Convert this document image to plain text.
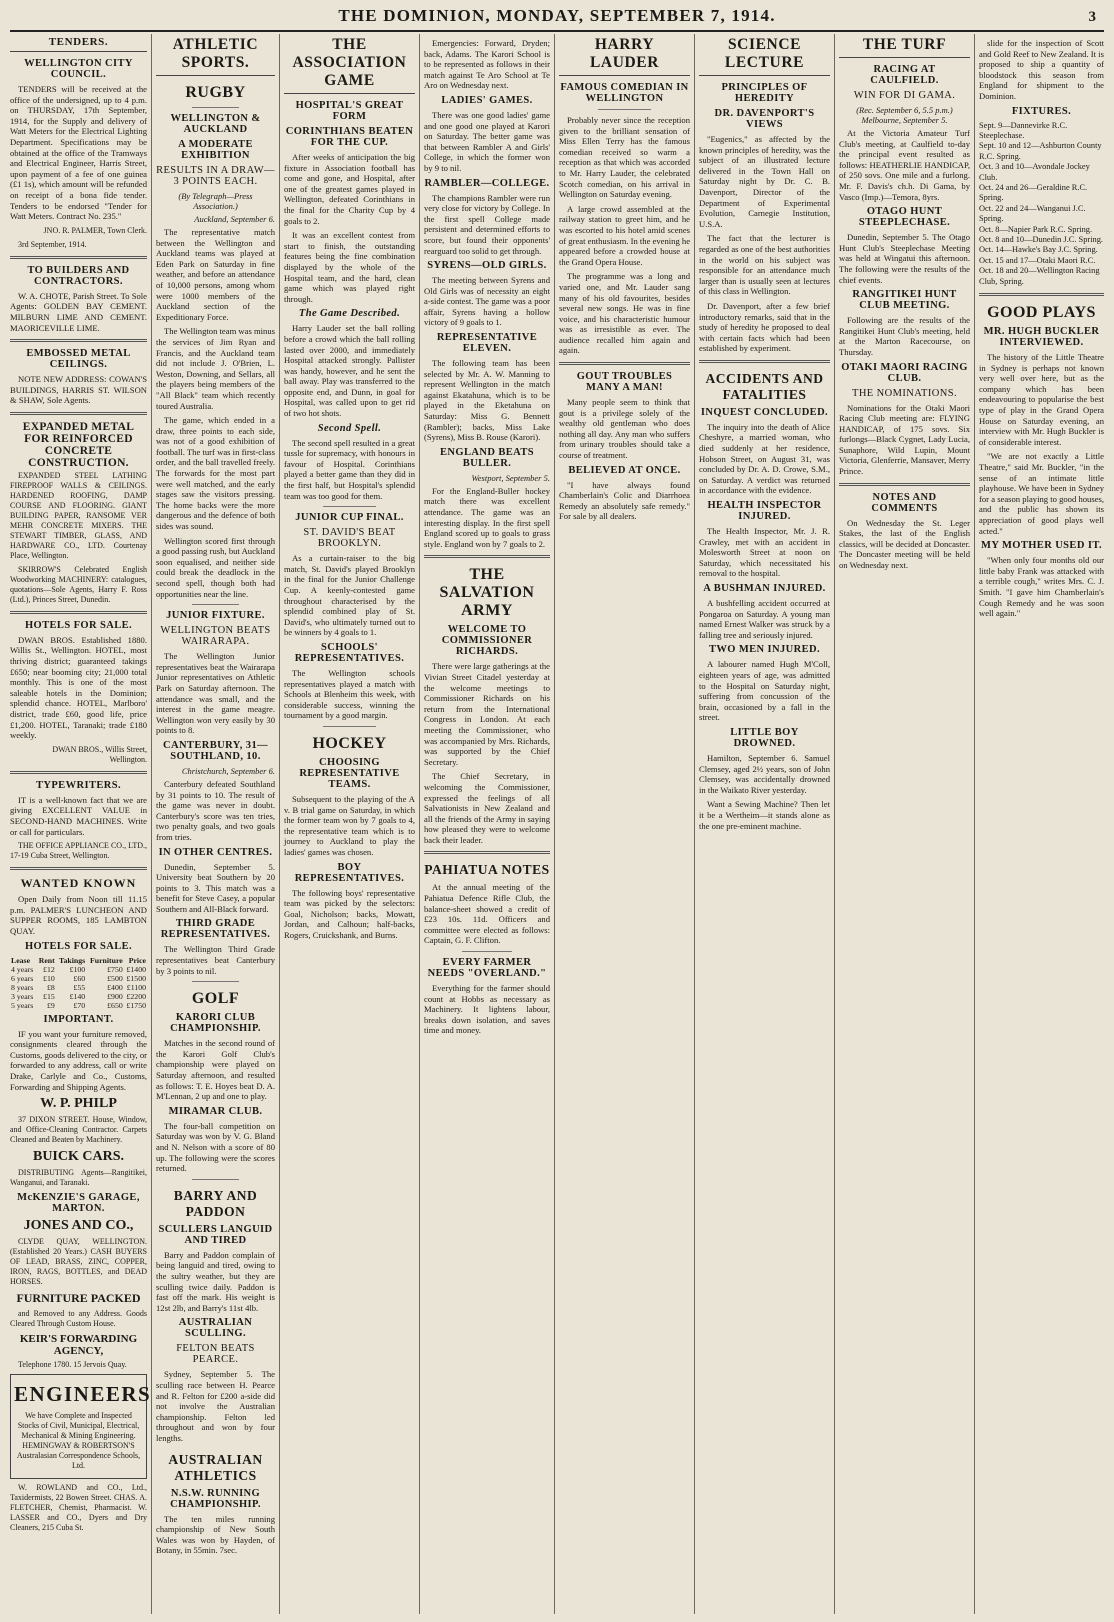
THE DOMINION, MONDAY, SEPTEMBER 7, 1914.	3
TENDERS.
WELLINGTON CITY COUNCIL.

TENDERS will be received at the office of the undersigned, up to 4 p.m. on THURSDAY, 17th September, 1914, for the Supply and delivery of Watt Meters for the Electrical Lighting Department. Specifications may be obtained at the office of the Tramways and Electrical Engineer, Harris Street, upon payment of a fee of one guinea (£1 1s), which amount will be refunded on receipt of a bona fide tender. Tenders to be endorsed "Tender for Watt Meters. Contract No. 235."

JNO. R. PALMER, Town Clerk.

3rd September, 1914.

TO BUILDERS AND CONTRACTORS.

W. A. CHOTE, Parish Street. To Sole Agents: GOLDEN BAY CEMENT. MILBURN LIME AND CEMENT. MAORICEVILLE LIME.

EMBOSSED METAL CEILINGS.

NOTE NEW ADDRESS: COWAN'S BUILDINGS, HARRIS ST. WILSON & SHAW, Sole Agents.

EXPANDED METAL FOR REINFORCED CONCRETE CONSTRUCTION.

EXPANDED STEEL LATHING FIREPROOF WALLS & CEILINGS. HARDENED ROOFING, DAMP COURSE AND FLOORING. GIANT BUILDING PAPER, RANSOME VER MEHR CONCRETE MIXERS. THE STEWART TIMBER, GLASS, AND HARDWARE CO., LTD. Courtenay Place, Wellington.

SKIRROW'S Celebrated English Woodworking MACHINERY: catalogues, quotations—Sole Agents, Harry F. Ross (Ltd.), Princes Street, Dunedin.

HOTELS FOR SALE.

DWAN BROS. Established 1880. Willis St., Wellington. HOTEL, most thriving district; guaranteed takings £650; near booming city; 21,000 total monthly. This is one of the most saleable hotels in the Dominion; splendid chance. HOTEL, Marlboro' district, trade £60, good life, price £1,200. HOTEL, Taranaki; trade £180 weekly.

DWAN BROS., Willis Street, Wellington.

TYPEWRITERS.

IT is a well-known fact that we are giving EXCELLENT VALUE in SECOND-HAND MACHINES. Write or call for particulars.

THE OFFICE APPLIANCE CO., LTD., 17-19 Cuba Street, Wellington.

WANTED KNOWN

Open Daily from Noon till 11.15 p.m. PALMER'S LUNCHEON AND SUPPER ROOMS, 185 LAMBTON QUAY.

HOTELS FOR SALE.
Lease	Rent	Takings	Furniture	Price
4 years	£12	£100	£750	£1400
6 years	£10	£60	£500	£1500
8 years	£8	£55	£400	£1100
3 years	£15	£140	£900	£2200
5 years	£9	£70	£650	£1750
IMPORTANT.

IF you want your furniture removed, consignments cleared through the Customs, goods delivered to the city, or forwarded to any address, call or write Drake, Carlyle and Co., Customs, Forwarding and Shipping Agents.

W. P. PHILP

37 DIXON STREET. House, Window, and Office-Cleaning Contractor. Carpets Cleaned and Beaten by Machinery.

BUICK CARS.

DISTRIBUTING Agents—Rangitikei, Wanganui, and Taranaki.

McKENZIE'S GARAGE, MARTON.
JONES AND CO.,

CLYDE QUAY, WELLINGTON. (Established 20 Years.) CASH BUYERS OF LEAD, BRASS, ZINC, COPPER, IRON, RAGS, BOTTLES, and DEAD HORSES.

FURNITURE PACKED

and Removed to any Address. Goods Cleared Through Custom House.

KEIR'S FORWARDING AGENCY,

Telephone 1780. 15 Jervois Quay.

ENGINEERS

We have Complete and Inspected Stocks of Civil, Municipal, Electrical, Mechanical & Mining Engineering. HEMINGWAY & ROBERTSON'S Australasian Correspondence Schools, Ltd.

W. ROWLAND and CO., Ltd., Taxidermists, 22 Bowen Street. CHAS. A. FLETCHER, Chemist, Pharmacist. W. LASSER and CO., Dyers and Dry Cleaners, 215 Cuba St.

ATHLETIC SPORTS.
RUGBY
WELLINGTON & AUCKLAND
A MODERATE EXHIBITION
RESULTS IN A DRAW—3 POINTS EACH.
(By Telegraph—Press Association.)
Auckland, September 6.

The representative match between the Wellington and Auckland teams was played at Eden Park on Saturday in fine weather, and before an attendance of 10,000 persons, among whom were 1000 members of the Auckland section of the Expeditionary Force.

The Wellington team was minus the services of Jim Ryan and Francis, and the Auckland team did not include J. O'Brien, L. Weston, Downing, and Sellars, all the players being members of the "All Black" team which recently toured Australia.

The game, which ended in a draw, three points to each side, was not of a good exhibition of football. The turf was in first-class order, and the ball travelled freely. The forwards for the most part were well matched, and the early stages saw the visitors pressing. The home backs were the more dangerous and the defence of both sides was sound.

Wellington scored first through a good passing rush, but Auckland soon equalised, and neither side could break the deadlock in the second spell, though both had opportunities near the line.

JUNIOR FIXTURE.
WELLINGTON BEATS WAIRARAPA.

The Wellington Junior representatives beat the Wairarapa Junior representatives on Athletic Park on Saturday afternoon. The attendance was small, and the interest in the game meagre. Wellington won very easily by 30 points to 8.

CANTERBURY, 31—SOUTHLAND, 10.
Christchurch, September 6.

Canterbury defeated Southland by 31 points to 10. The result of the game was never in doubt. Canterbury's score was ten tries, two penalty goals, and two goals from tries.

IN OTHER CENTRES.

Dunedin, September 5. University beat Southern by 20 points to 3. This match was a benefit for Steve Casey, a popular Southern and All-Black forward.

THIRD GRADE REPRESENTATIVES.

The Wellington Third Grade representatives beat Canterbury by 3 points to nil.

GOLF
KARORI CLUB CHAMPIONSHIP.

Matches in the second round of the Karori Golf Club's championship were played on Saturday afternoon, and resulted as follows: T. E. Hoyes beat D. A. M'Lennan, 2 up and one to play.

MIRAMAR CLUB.

The four-ball competition on Saturday was won by V. G. Bland and N. Nelson with a score of 80 up. The following were the scores returned.

BARRY AND PADDON
SCULLERS LANGUID AND TIRED

Barry and Paddon complain of being languid and tired, owing to the sultry weather, but they are sculling twice daily. Paddon is fast off the mark. His weight is 12st 2lb, and Barry's 11st 4lb.

AUSTRALIAN SCULLING.
FELTON BEATS PEARCE.

Sydney, September 5. The sculling race between H. Pearce and R. Felton for £200 a-side did not involve the Australian championship. Felton led throughout and won by four lengths.

AUSTRALIAN ATHLETICS
N.S.W. RUNNING CHAMPIONSHIP.

The ten miles running championship of New South Wales was won by Hayden, of Botany, in 55min. 7sec.

THE ASSOCIATION GAME
HOSPITAL'S GREAT FORM
CORINTHIANS BEATEN FOR THE CUP.

After weeks of anticipation the big fixture in Association football has come and gone, and Hospital, after one of the greatest games played in Wellington, defeated Corinthians in the final for the Charity Cup by 4 goals to 2.

It was an excellent contest from start to finish, the outstanding features being the fine combination displayed by the whole of the Hospital team, and the hard, clean game which was played right through.

The Game Described.

Harry Lauder set the ball rolling before a crowd which the ball rolling lasted over 2000, and immediately Hospital attacked strongly. Pallister was handy, however, and he sent the ball away. Play was transferred to the opposite end, and Dunn, in goal for Hospital, was called upon to get rid of two hot shots.

Second Spell.

The second spell resulted in a great tussle for supremacy, with honours in favour of Hospital. Corinthians played a better game than they did in the first half, but Hospital's splendid team was too good for them.

JUNIOR CUP FINAL.
ST. DAVID'S BEAT BROOKLYN.

As a curtain-raiser to the big match, St. David's played Brooklyn in the final for the Junior Challenge Cup. A keenly-contested game throughout characterised by the splendid combined play of St. David's, who ultimately turned out to be winners by 4 goals to 1.

SCHOOLS' REPRESENTATIVES.

The Wellington schools representatives played a match with Schools at Blenheim this week, with considerable success, winning the tournament by a good margin.

HOCKEY
CHOOSING REPRESENTATIVE TEAMS.

Subsequent to the playing of the A v. B trial game on Saturday, in which the former team won by 7 goals to 4, the representative team which is to journey to Auckland to play the ladies' games was chosen.

BOY REPRESENTATIVES.

The following boys' representative team was picked by the selectors: Goal, Nicholson; backs, Mowatt, Jordan, and Calhoun; half-backs, Rogers, Cruickshank, and Burns.

Emergencies: Forward, Dryden; back, Adams. The Karori School is to be represented as follows in their match against Te Aro School at Te Aro on Wednesday next.

LADIES' GAMES.

There was one good ladies' game and one good one played at Karori on Saturday. The better game was that between Rambler A and Girls' College, in which the former won by 9 to nil.

RAMBLER—COLLEGE.

The champions Rambler were run very close for victory by College. In the first spell College made persistent and determined efforts to score, but found their opponents' rearguard too solid to get through.

SYRENS—OLD GIRLS.

The meeting between Syrens and Old Girls was of necessity an eight a-side contest. The game was a poor affair, Syrens having a hollow victory of 9 goals to 1.

REPRESENTATIVE ELEVEN.

The following team has been selected by Mr. A. W. Manning to represent Wellington in the match against Ekatahuna, which is to be played in the Eketahuna on Saturday: Miss G. Bennett (Rambler); backs, Miss Lake (Syrens), Miss B. Rouse (Karori).

ENGLAND BEATS BULLER.
Westport, September 5.

For the England-Buller hockey match there was excellent attendance. The game was an interesting display. In the first spell England scored up to goals to grass style. England won by 7 goals to 2.

THE SALVATION ARMY
WELCOME TO COMMISSIONER RICHARDS.

There were large gatherings at the Vivian Street Citadel yesterday at the welcome meetings to Commissioner Richards on his return from the International Congress in London. At each meeting the Commissioner, who was accompanied by Mrs. Richards, was supported by the Chief Secretary.

The Chief Secretary, in welcoming the Commissioner, expressed the feelings of all Salvationists in New Zealand and all the friends of the Army in saying how pleased they were to welcome back their leader.

PAHIATUA NOTES

At the annual meeting of the Pahiatua Defence Rifle Club, the balance-sheet showed a credit of £23 10s. 11d. Officers and committee were elected as follows: Captain, G. F. Clifton.

EVERY FARMER NEEDS "OVERLAND."

Everything for the farmer should count at Hobbs as necessary as Machinery. It lightens labour, breaks down isolation, and saves time and money.

HARRY LAUDER
FAMOUS COMEDIAN IN WELLINGTON

Probably never since the reception given to the brilliant sensation of Miss Ellen Terry has the famous comedian received so warm a reception as that which was accorded to Mr. Harry Lauder, the celebrated Scotch comedian, on his arrival in Wellington on Saturday evening.

A large crowd assembled at the railway station to greet him, and he was escorted to his hotel amid scenes of great enthusiasm. In the evening he appeared before a crowded house at the Grand Opera House.

The programme was a long and varied one, and Mr. Lauder sang many of his old favourites, besides several new songs. He was in fine voice, and his characteristic humour was as irresistible as ever. The audience recalled him again and again.

GOUT TROUBLES MANY A MAN!

Many people seem to think that gout is a privilege solely of the wealthy old gentleman who does nothing all day. Any man who suffers from urinary troubles should take a course of treatment.

BELIEVED AT ONCE.

"I have always found Chamberlain's Colic and Diarrhoea Remedy an absolutely safe remedy." For sale by all dealers.

SCIENCE LECTURE
PRINCIPLES OF HEREDITY
DR. DAVENPORT'S VIEWS

"Eugenics," as affected by the known principles of heredity, was the subject of an illustrated lecture delivered in the Town Hall on Saturday night by Dr. C. B. Davenport, Director of the Department of Experimental Evolution, Carnegie Institution, U.S.A.

The fact that the lecturer is regarded as one of the best authorities in the world on his subject was responsible for an attendance much larger than is usually seen at lectures of this class in Wellington.

Dr. Davenport, after a few brief introductory remarks, said that in the study of heredity he proposed to deal with certain facts which had been established by experiment.

ACCIDENTS AND FATALITIES
INQUEST CONCLUDED.

The inquiry into the death of Alice Cheshyre, a married woman, who died suddenly at her residence, Hobson Street, on August 31, was concluded by Dr. A. D. Crowe, S.M., on Saturday. A verdict was returned in accordance with the evidence.

HEALTH INSPECTOR INJURED.

The Health Inspector, Mr. J. R. Crawley, met with an accident in Molesworth Street at noon on Saturday, which necessitated his removal to the hospital.

A BUSHMAN INJURED.

A bushfelling accident occurred at Pongaroa on Saturday. A young man named Ernest Walker was struck by a falling tree and seriously injured.

TWO MEN INJURED.

A labourer named Hugh M'Coll, eighteen years of age, was admitted to the Hospital on Saturday night, suffering from concussion of the brain, occasioned by a fall in the street.

LITTLE BOY DROWNED.

Hamilton, September 6. Samuel Clemsey, aged 2½ years, son of John Clemsey, was accidentally drowned in the Waikato River yesterday.

Want a Sewing Machine? Then let it be a Wertheim—it stands alone as the one pre-eminent machine.

THE TURF
RACING AT CAULFIELD.
WIN FOR DI GAMA.
(Rec. September 6, 5.5 p.m.) Melbourne, September 5.

At the Victoria Amateur Turf Club's meeting, at Caulfield to-day the principal event resulted as follows: HEATHERLIE HANDICAP, of 250 sovs. One mile and a furlong. Mr. F. Davis's ch.h. Di Gama, by Vasco (Imp.)—Temora, 8yrs.

OTAGO HUNT STEEPLECHASE.

Dunedin, September 5. The Otago Hunt Club's Steeplechase Meeting was held at Wingatui this afternoon. The following were the results of the chief events.

RANGITIKEI HUNT CLUB MEETING.

Following are the results of the Rangitikei Hunt Club's meeting, held at the Marton Racecourse, on Thursday.

OTAKI MAORI RACING CLUB.
THE NOMINATIONS.

Nominations for the Otaki Maori Racing Club meeting are: FLYING HANDICAP, of 175 sovs. Six furlongs—Black Cygnet, Lady Lucia, Sunaphore, Wild Lupin, Mount Victoria, Glenferrie, Mansaver, Merry Prince.

NOTES AND COMMENTS

On Wednesday the St. Leger Stakes, the last of the English classics, will be decided at Doncaster. The Doncaster meeting will be held on Wednesday next.

slide for the inspection of Scott and Gold Reef to New Zealand. It is proposed to ship a quantity of bloodstock this season from England for shipment to the Dominion.

FIXTURES.
Sept. 9—Dannevirke R.C. Steeplechase.
Sept. 10 and 12—Ashburton County R.C. Spring.
Oct. 3 and 10—Avondale Jockey Club.
Oct. 24 and 26—Geraldine R.C. Spring.
Oct. 22 and 24—Wanganui J.C. Spring.
Oct. 8—Napier Park R.C. Spring.
Oct. 8 and 10—Dunedin J.C. Spring.
Oct. 14—Hawke's Bay J.C. Spring.
Oct. 15 and 17—Otaki Maori R.C.
Oct. 18 and 20—Wellington Racing Club, Spring.
GOOD PLAYS
MR. HUGH BUCKLER INTERVIEWED.

The history of the Little Theatre in Sydney is perhaps not known very well over here, but as the company which has been endeavouring to popularise the best type of play in the Grand Opera House on Saturday evening, an interview with Mr. Hugh Buckler is of considerable interest.

"We are not exactly a Little Theatre," said Mr. Buckler, "in the sense of an intimate little playhouse. We have been in Sydney for a season playing to good houses, and the public has shown its appreciation of good plays well acted."

MY MOTHER USED IT.

"When only four months old our little baby Frank was attacked with a terrible cough," writes Mrs. C. J. Smith. "I gave him Chamberlain's Cough Remedy and he was soon well again."
